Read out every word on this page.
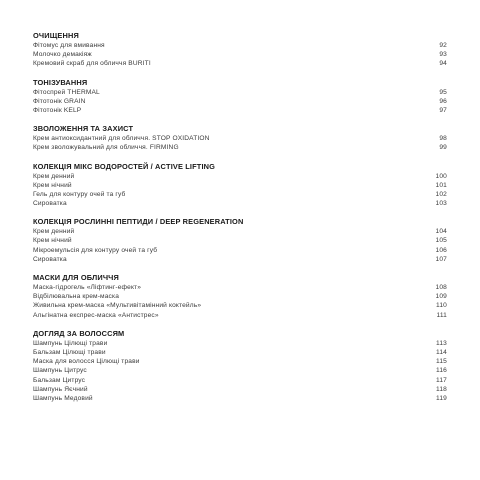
ОЧИЩЕННЯ
Фітомус для вмивання	92
Молочко демакіяж	93
Кремовий скраб для обличчя BURITI	94
ТОНІЗУВАННЯ
Фітоспрей THERMAL	95
Фітотонік GRAIN	96
Фітотонік KELP	97
ЗВОЛОЖЕННЯ ТА ЗАХИСТ
Крем антиоксидантний для обличчя. STOP OXIDATION	98
Крем зволожувальний для обличчя. FIRMING	99
КОЛЕКЦІЯ МІКС ВОДОРОСТЕЙ / ACTIVE LIFTING
Крем денний	100
Крем нічний	101
Гель для контуру очей та губ	102
Сироватка	103
КОЛЕКЦІЯ РОСЛИННІ ПЕПТИДИ / DEEP REGENERATION
Крем денний	104
Крем нічний	105
Мікроемульсія для контуру очей та губ	106
Сироватка	107
МАСКИ ДЛЯ ОБЛИЧЧЯ
Маска-гідрогель «Ліфтинг-ефект»	108
Відбілювальна крем-маска	109
Живильна крем-маска «Мультивітамінний коктейль»	110
Альгінатна експрес-маска «Антистрес»	111
ДОГЛЯД ЗА ВОЛОССЯМ
Шампунь Цілющі трави	113
Бальзам Цілющі трави	114
Маска для волосся Цілющі трави	115
Шампунь Цитрус	116
Бальзам Цитрус	117
Шампунь Яєчний	118
Шампунь Медовий	119
